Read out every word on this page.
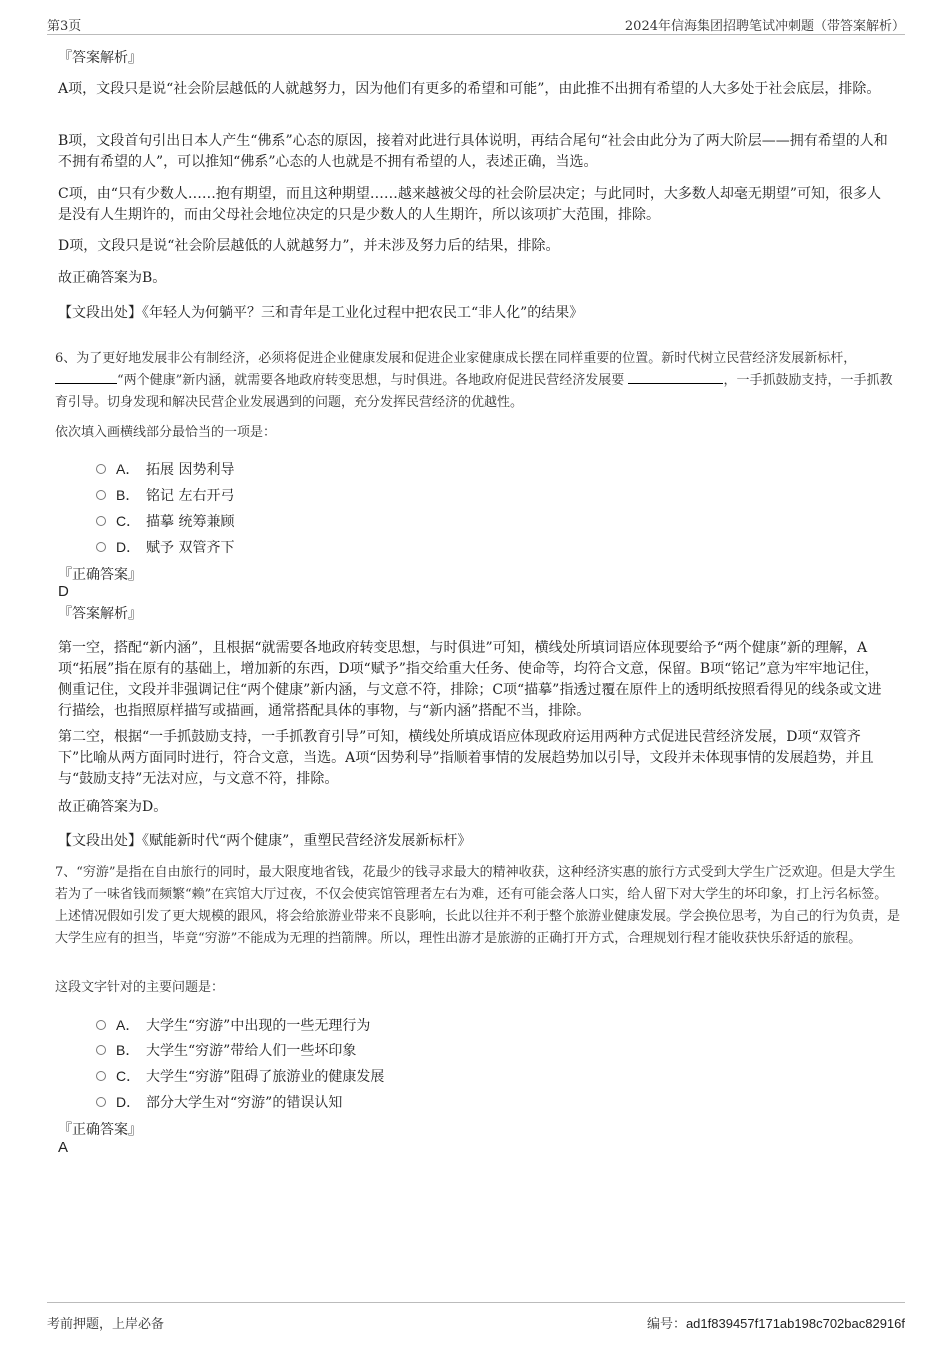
第3页	2024年信海集团招聘笔试冲刺题（带答案解析）
『答案解析』

A项，文段只是说“社会阶层越低的人就越努力，因为他们有更多的希望和可能”，由此推不出拥有希望的人大多处于社会底层，排除。

B项，文段首句引出日本人产生“佛系”心态的原因，接着对此进行具体说明，再结合尾句“社会由此分为了两大阶层——拥有希望的人和不拥有希望的人”，可以推知“佛系”心态的人也就是不拥有希望的人，表述正确，当选。

C项，由“只有少数人……抱有期望，而且这种期望……越来越被父母的社会阶层决定；与此同时，大多数人却毫无期望”可知，很多人是没有人生期许的，而由父母社会地位决定的只是少数人的人生期许，所以该项扩大范围，排除。

D项，文段只是说“社会阶层越低的人就越努力”，并未涉及努力后的结果，排除。

故正确答案为B。

【文段出处】《年轻人为何躺平？三和青年是工业化过程中把农民工“非人化”的结果》

6、为了更好地发展非公有制经济，必须将促进企业健康发展和促进企业家健康成长摆在同样重要的位置。新时代树立民营经济发展新标杆，
“两个健康”新内涵，就需要各地政府转变思想，与时俱进。各地政府促进民营经济发展要	，一手抓鼓励支持，一手抓教育引导。切身发现和解决民营企业发展遇到的问题，充分发挥民营经济的优越性。

依次填入画横线部分最恰当的一项是：

A． 拓展 因势利导
B． 铭记 左右开弓
C． 描摹 统筹兼顾
D． 赋予 双管齐下
『正确答案』
D
『答案解析』

第一空，搭配“新内涵”，且根据“就需要各地政府转变思想，与时俱进”可知，横线处所填词语应体现要给予“两个健康”新的理解，A项“拓展”指在原有的基础上，增加新的东西，D项“赋予”指交给重大任务、使命等，均符合文意，保留。B项“铭记”意为牢牢地记住，侧重记住，文段并非强调记住“两个健康”新内涵，与文意不符，排除；C项“描摹”指透过覆在原件上的透明纸按照看得见的线条或文进行描绘，也指照原样描写或描画，通常搭配具体的事物，与“新内涵”搭配不当，排除。

第二空，根据“一手抓鼓励支持，一手抓教育引导”可知，横线处所填成语应体现政府运用两种方式促进民营经济发展，D项“双管齐下”比喻从两方面同时进行，符合文意，当选。A项“因势利导”指顺着事情的发展趋势加以引导，文段并未体现事情的发展趋势，并且与“鼓励支持”无法对应，与文意不符，排除。

故正确答案为D。

【文段出处】《赋能新时代“两个健康”，重塑民营经济发展新标杆》

7、“穷游”是指在自由旅行的同时，最大限度地省钱，花最少的钱寻求最大的精神收获，这种经济实惠的旅行方式受到大学生广泛欢迎。但是大学生若为了一味省钱而频繁“赖”在宾馆大厅过夜，不仅会使宾馆管理者左右为难，还有可能会落人口实，给人留下对大学生的坏印象，打上污名标签。上述情况假如引发了更大规模的跟风，将会给旅游业带来不良影响，长此以往并不利于整个旅游业健康发展。学会换位思考，为自己的行为负责，是大学生应有的担当，毕竟“穷游”不能成为无理的挡箭牌。所以，理性出游才是旅游的正确打开方式，合理规划行程才能收获快乐舒适的旅程。

这段文字针对的主要问题是：

A． 大学生“穷游”中出现的一些无理行为
B． 大学生“穷游”带给人们一些坏印象
C． 大学生“穷游”阻碍了旅游业的健康发展
D． 部分大学生对“穷游”的错误认知
『正确答案』
A
考前押题，上岸必备	编号：ad1f839457f171ab198c702bac82916f
